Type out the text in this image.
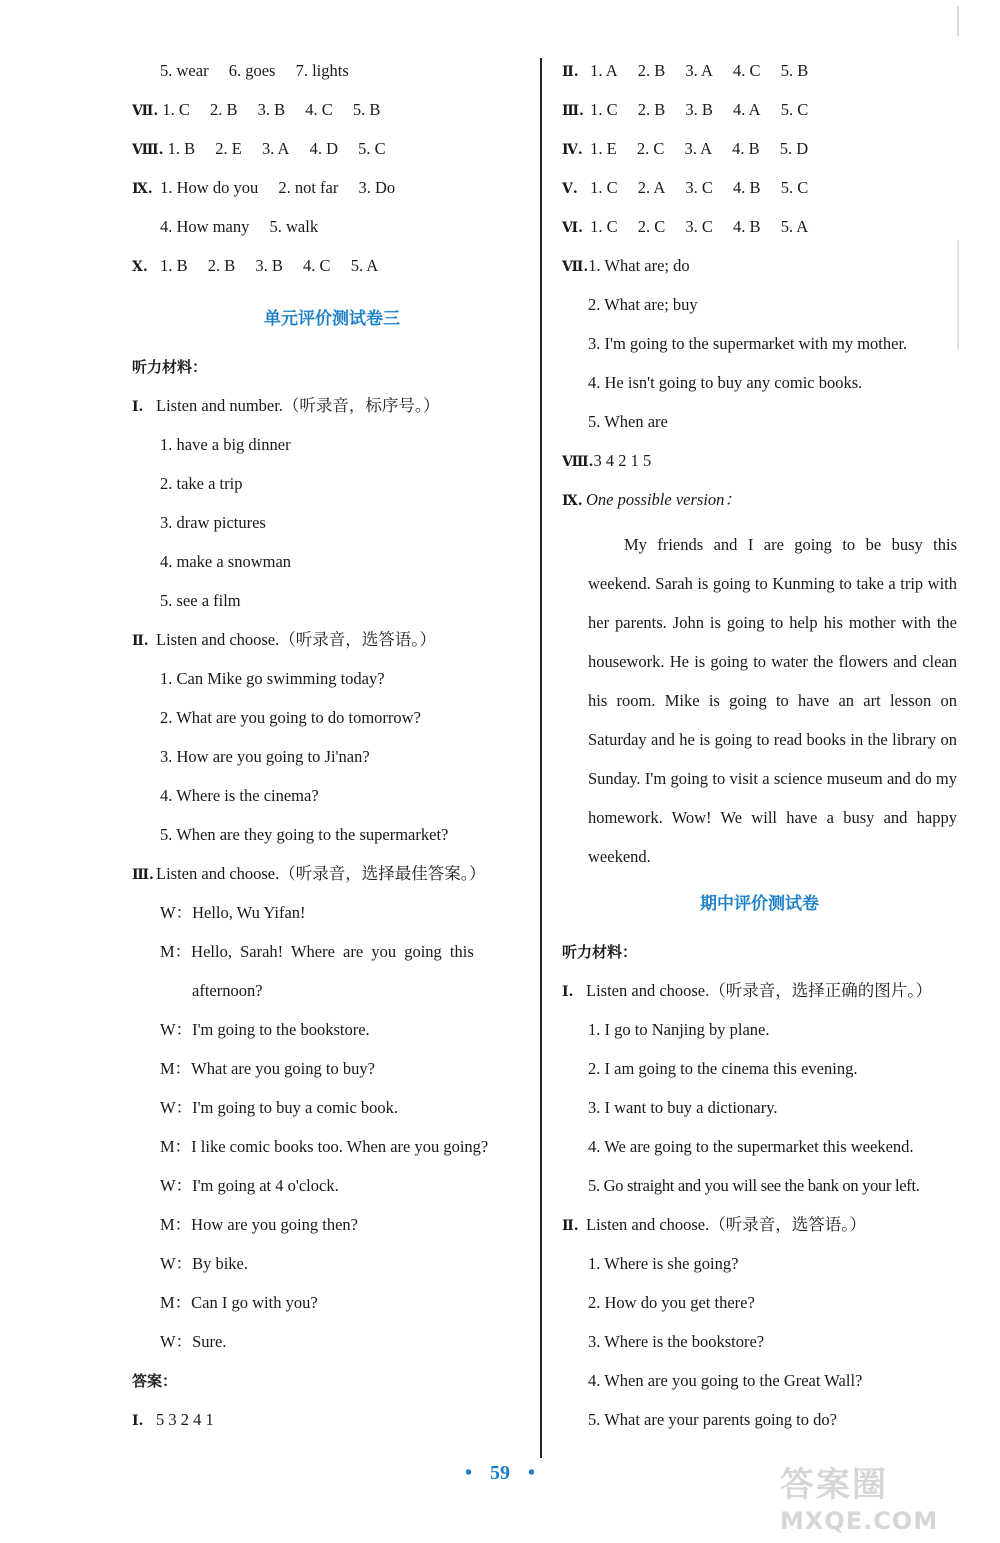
5. wear 6. goes 7. lights
Ⅶ. 1. C 2. B 3. B 4. C 5. B
Ⅷ. 1. B 2. E 3. A 4. D 5. C
Ⅸ. 1. How do you 2. not far 3. Do
4. How many 5. walk
Ⅹ. 1. B 2. B 3. B 4. C 5. A
单元评价测试卷三
听力材料：
Ⅰ. Listen and number.（听录音，标序号。）
1. have a big dinner
2. take a trip
3. draw pictures
4. make a snowman
5. see a film
Ⅱ. Listen and choose.（听录音，选答语。）
1. Can Mike go swimming today?
2. What are you going to do tomorrow?
3. How are you going to Ji'nan?
4. Where is the cinema?
5. When are they going to the supermarket?
Ⅲ. Listen and choose.（听录音，选择最佳答案。）
W：Hello, Wu Yifan!
M：Hello, Sarah! Where are you going this
afternoon?
W：I'm going to the bookstore.
M：What are you going to buy?
W：I'm going to buy a comic book.
M：I like comic books too. When are you going?
W：I'm going at 4 o'clock.
M：How are you going then?
W：By bike.
M：Can I go with you?
W：Sure.
答案：
Ⅰ. 5 3 2 4 1
Ⅱ. 1. A 2. B 3. A 4. C 5. B
Ⅲ. 1. C 2. B 3. B 4. A 5. C
Ⅳ. 1. E 2. C 3. A 4. B 5. D
Ⅴ. 1. C 2. A 3. C 4. B 5. C
Ⅵ. 1. C 2. C 3. C 4. B 5. A
Ⅶ.1. What are; do
2. What are; buy
3. I'm going to the supermarket with my mother.
4. He isn't going to buy any comic books.
5. When are
Ⅷ.3 4 2 1 5
Ⅸ. One possible version：

My friends and I are going to be busy this weekend. Sarah is going to Kunming to take a trip with her parents. John is going to help his mother with the housework. He is going to water the flowers and clean his room. Mike is going to have an art lesson on Saturday and he is going to read books in the library on Sunday. I'm going to visit a science museum and do my homework. Wow! We will have a busy and happy weekend.

期中评价测试卷
听力材料：
Ⅰ. Listen and choose.（听录音，选择正确的图片。）
1. I go to Nanjing by plane.
2. I am going to the cinema this evening.
3. I want to buy a dictionary.
4. We are going to the supermarket this weekend.
5. Go straight and you will see the bank on your left.
Ⅱ. Listen and choose.（听录音，选答语。）
1. Where is she going?
2. How do you get there?
3. Where is the bookstore?
4. When are you going to the Great Wall?
5. What are your parents going to do?
• 59 •	答案圈
MXQE.COM
